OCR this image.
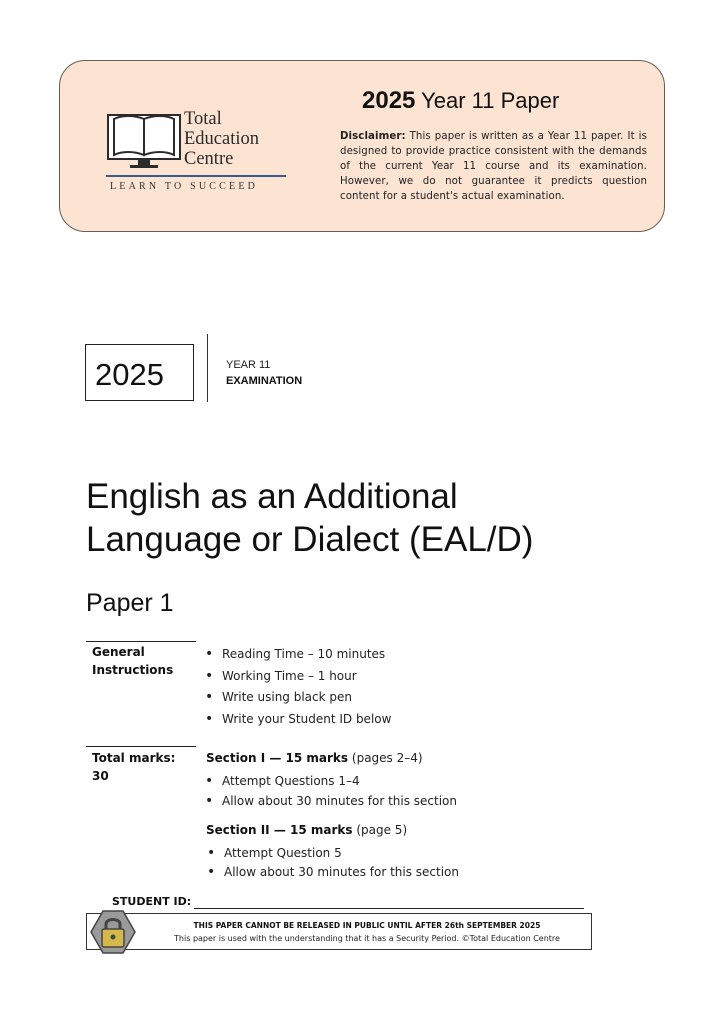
Total
Education
Centre
LEARN TO SUCCEED
2025 Year 11 Paper
Disclaimer: This paper is written as a Year 11 paper. It is designed to provide practice consistent with the demands of the current Year 11 course and its examination. However, we do not guarantee it predicts question content for a student's actual examination.
2025	YEAR 11
EXAMINATION
English as an Additional
Language or Dialect (EAL/D)
Paper 1
General
Instructions
• Reading Time – 10 minutes
• Working Time – 1 hour
• Write using black pen
• Write your Student ID below
Total marks:
30
Section I — 15 marks (pages 2–4)
• Attempt Questions 1–4
• Allow about 30 minutes for this section
Section II — 15 marks (page 5)
• Attempt Question 5
• Allow about 30 minutes for this section
STUDENT ID:
THIS PAPER CANNOT BE RELEASED IN PUBLIC UNTIL AFTER 26th SEPTEMBER 2025
This paper is used with the understanding that it has a Security Period. ©Total Education Centre
